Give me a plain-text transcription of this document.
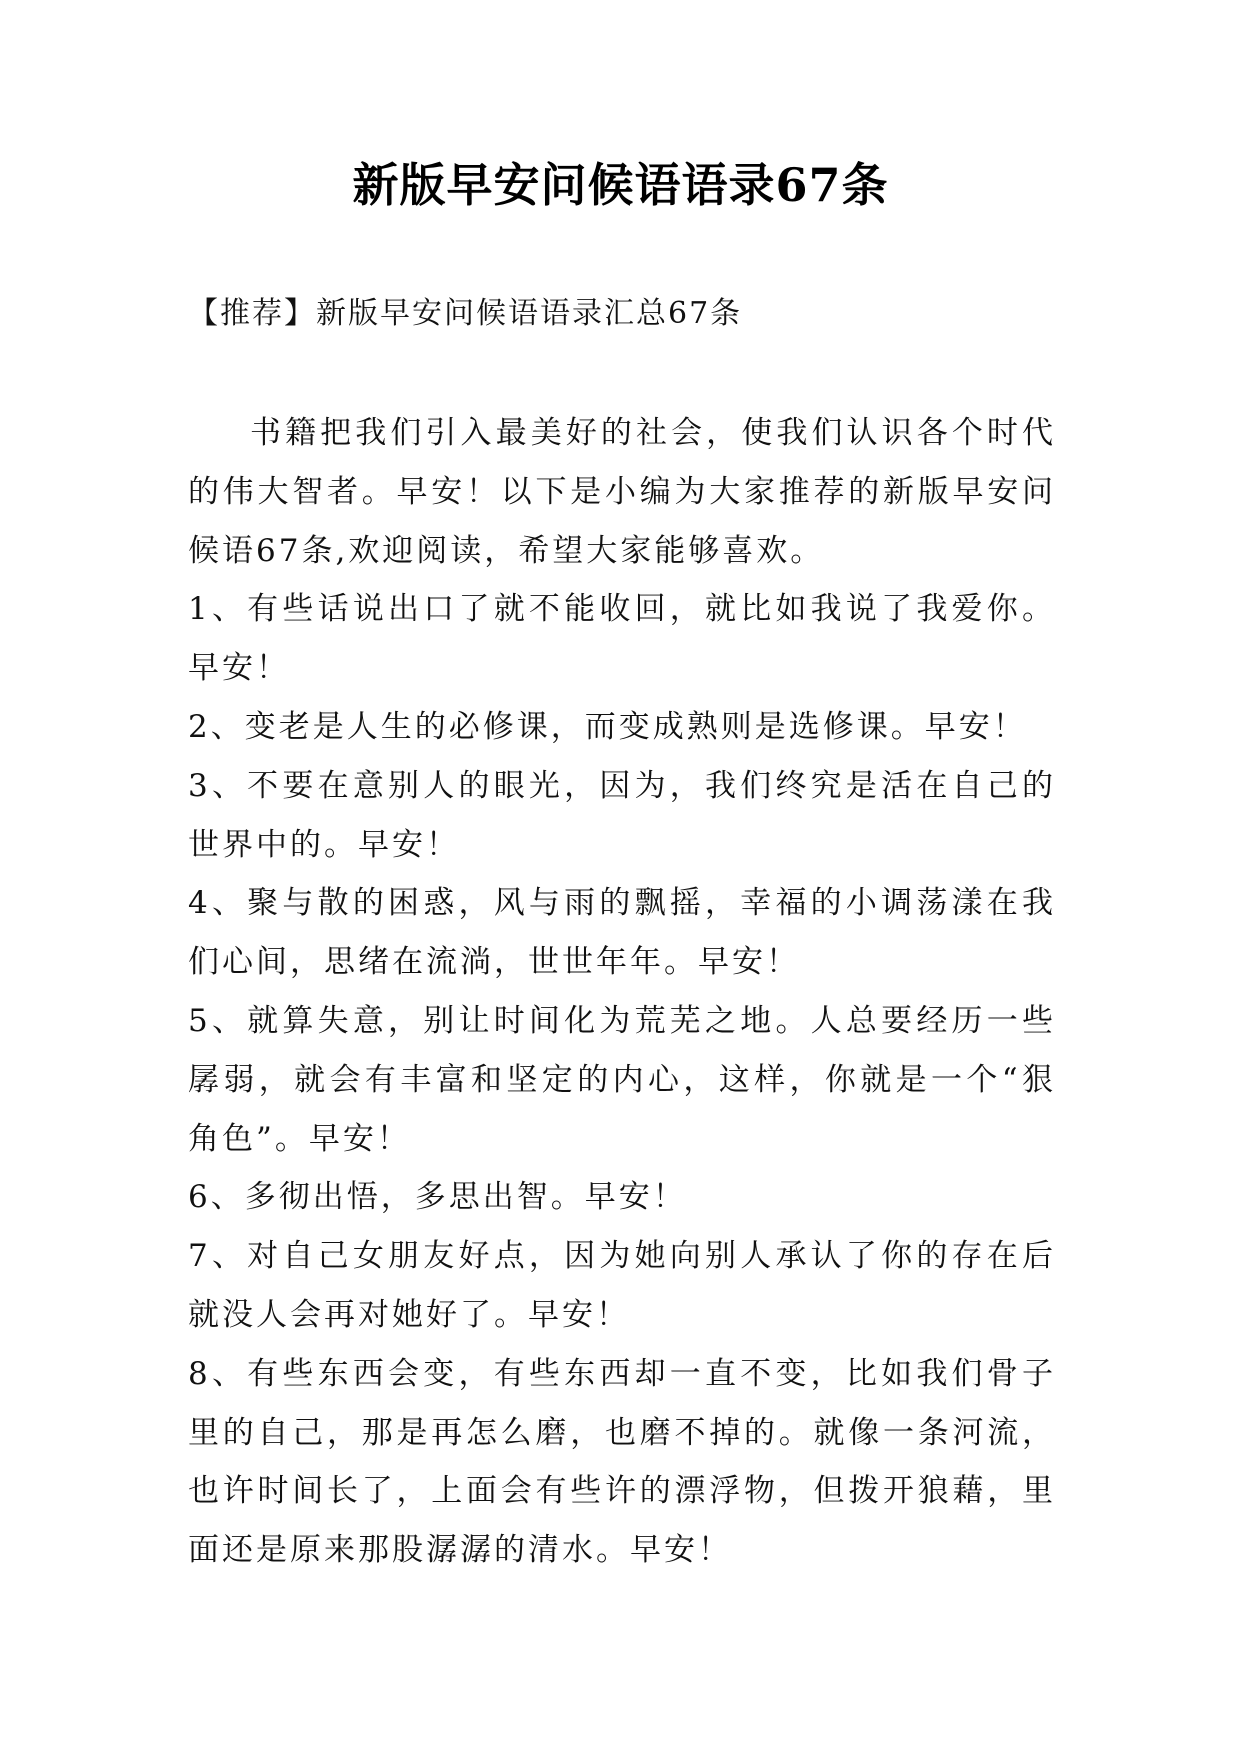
新版早安问候语语录67条
【推荐】新版早安问候语语录汇总67条

书籍把我们引入最美好的社会，使我们认识各个时代的伟大智者。早安！以下是小编为大家推荐的新版早安问候语67条,欢迎阅读，希望大家能够喜欢。

1、有些话说出口了就不能收回，就比如我说了我爱你。早安！

2、变老是人生的必修课，而变成熟则是选修课。早安！

3、不要在意别人的眼光，因为，我们终究是活在自己的世界中的。早安！

4、聚与散的困惑，风与雨的飘摇，幸福的小调荡漾在我们心间，思绪在流淌，世世年年。早安！

5、就算失意，别让时间化为荒芜之地。人总要经历一些孱弱，就会有丰富和坚定的内心，这样，你就是一个“狠角色”。早安！

6、多彻出悟，多思出智。早安！

7、对自己女朋友好点，因为她向别人承认了你的存在后就没人会再对她好了。早安！

8、有些东西会变，有些东西却一直不变，比如我们骨子里的自己，那是再怎么磨，也磨不掉的。就像一条河流，也许时间长了，上面会有些许的漂浮物，但拨开狼藉，里面还是原来那股潺潺的清水。早安！
